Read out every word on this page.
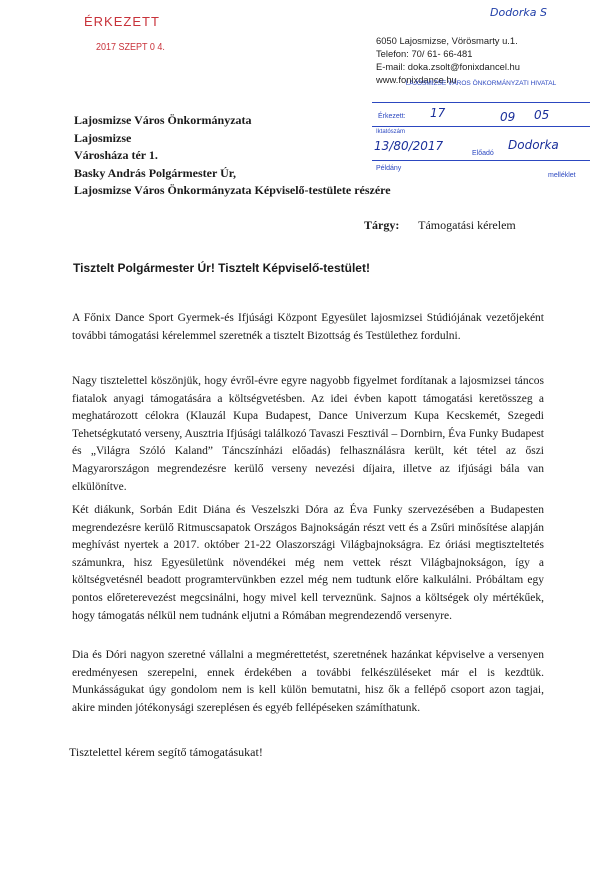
ÉRKEZETT
2017 SZEPT 0 4.
Dodorka S
6050 Lajosmizse, Vörösmarty u.1.
Telefon: 70/ 61- 66-481
E-mail: doka.zsolt@fonixdancel.hu
www.fonixdance.hu
LAJOSMIZSE VÁROS ÖNKORMÁNYZATI HIVATAL
Érkezett:	17	09 05
Iktatószám
13/80/2017
Előadó
Dodorka
Példány
melléklet
Lajosmizse Város Önkormányzata
Lajosmizse
Városháza tér 1.
Basky András Polgármester Úr,
Lajosmizse Város Önkormányzata Képviselő-testülete részére
Tárgy: Támogatási kérelem
Tisztelt Polgármester Úr! Tisztelt Képviselő-testület!

A Főnix Dance Sport Gyermek-és Ifjúsági Központ Egyesület lajosmizsei Stúdiójának vezetőjeként további támogatási kérelemmel szeretnék a tisztelt Bizottság és Testülethez fordulni.

Nagy tisztelettel köszönjük, hogy évről-évre egyre nagyobb figyelmet fordítanak a lajosmizsei táncos fiatalok anyagi támogatására a költségvetésben. Az idei évben kapott támogatási keretösszeg a meghatározott célokra (Klauzál Kupa Budapest, Dance Univerzum Kupa Kecskemét, Szegedi Tehetségkutató verseny, Ausztria Ifjúsági találkozó Tavaszi Fesztivál – Dornbirn, Éva Funky Budapest és „Világra Szóló Kaland” Táncszínházi előadás) felhasználásra került, két tétel az őszi Magyarországon megrendezésre kerülő verseny nevezési díjaira, illetve az ifjúsági bála van elkülönítve.

Két diákunk, Sorbán Edit Diána és Veszelszki Dóra az Éva Funky szervezésében a Budapesten megrendezésre kerülő Ritmuscsapatok Országos Bajnokságán részt vett és a Zsűri minősítése alapján meghívást nyertek a 2017. október 21-22 Olaszországi Világbajnokságra. Ez óriási megtiszteltetés számunkra, hisz Egyesületünk növendékei még nem vettek részt Világbajnokságon, így a költségvetésnél beadott programtervünkben ezzel még nem tudtunk előre kalkulálni. Próbáltam egy pontos előreterevezést megcsinálni, hogy mivel kell terveznünk. Sajnos a költségek oly mértékűek, hogy támogatás nélkül nem tudnánk eljutni a Rómában megrendezendő versenyre.

Dia és Dóri nagyon szeretné vállalni a megmérettetést, szeretnének hazánkat képviselve a versenyen eredményesen szerepelni, ennek érdekében a további felkészüléseket már el is kezdtük. Munkásságukat úgy gondolom nem is kell külön bemutatni, hisz ők a fellépő csoport azon tagjai, akire minden jótékonysági szereplésen és egyéb fellépéseken számíthatunk.

Tisztelettel kérem segítő támogatásukat!
